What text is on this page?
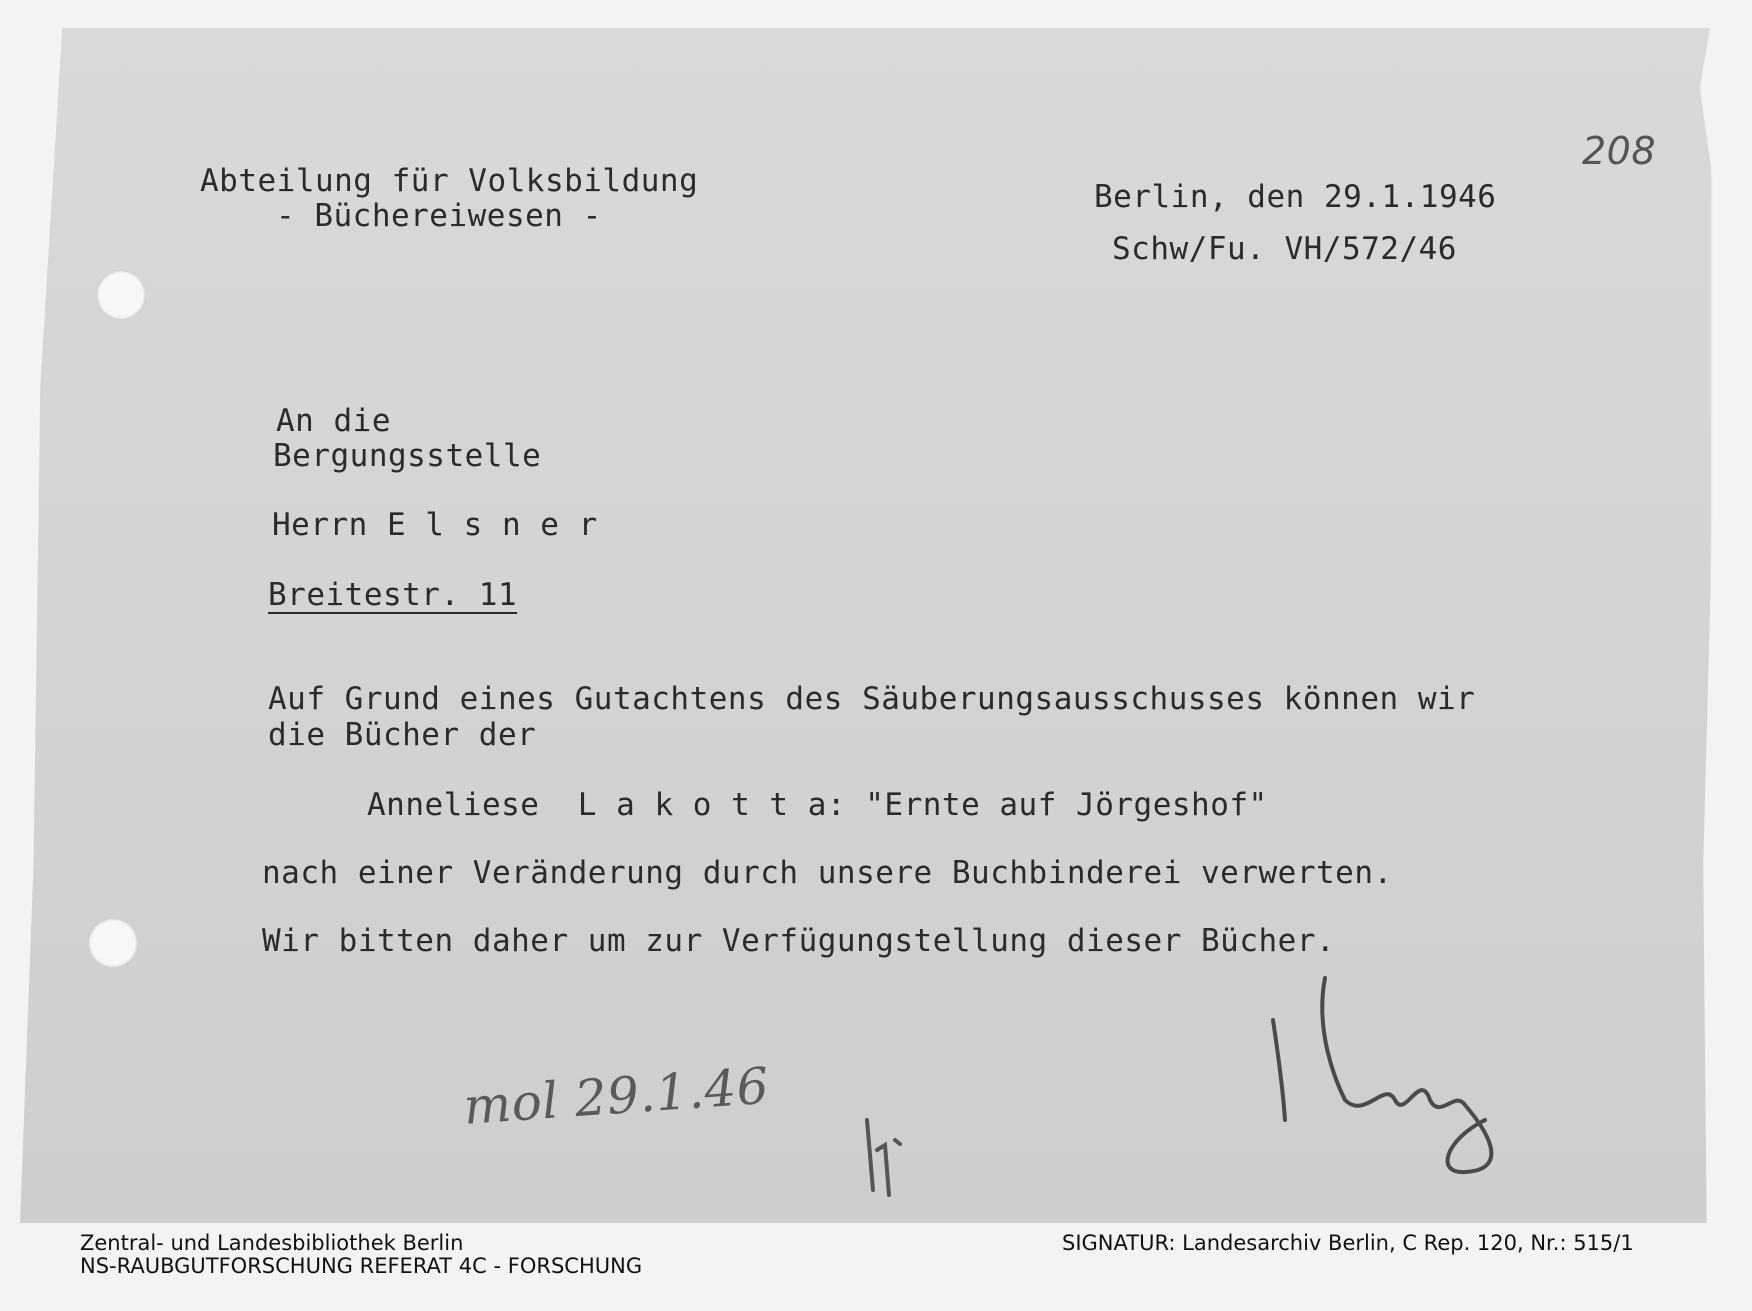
208
Abteilung für Volksbildung
- Büchereiwesen -
Berlin, den 29.1.1946
Schw/Fu. VH/572/46
An die
Bergungsstelle
Herrn E l s n e r
Breitestr. 11
Auf Grund eines Gutachtens des Säuberungsausschusses können wir
die Bücher der
Anneliese  L a k o t t a: "Ernte auf Jörgeshof"
nach einer Veränderung durch unsere Buchbinderei verwerten.
Wir bitten daher um zur Verfügungstellung dieser Bücher.
mol 29.1.46
Zentral- und Landesbibliothek Berlin
NS-RAUBGUTFORSCHUNG REFERAT 4C - FORSCHUNG
SIGNATUR: Landesarchiv Berlin, C Rep. 120, Nr.: 515/1
